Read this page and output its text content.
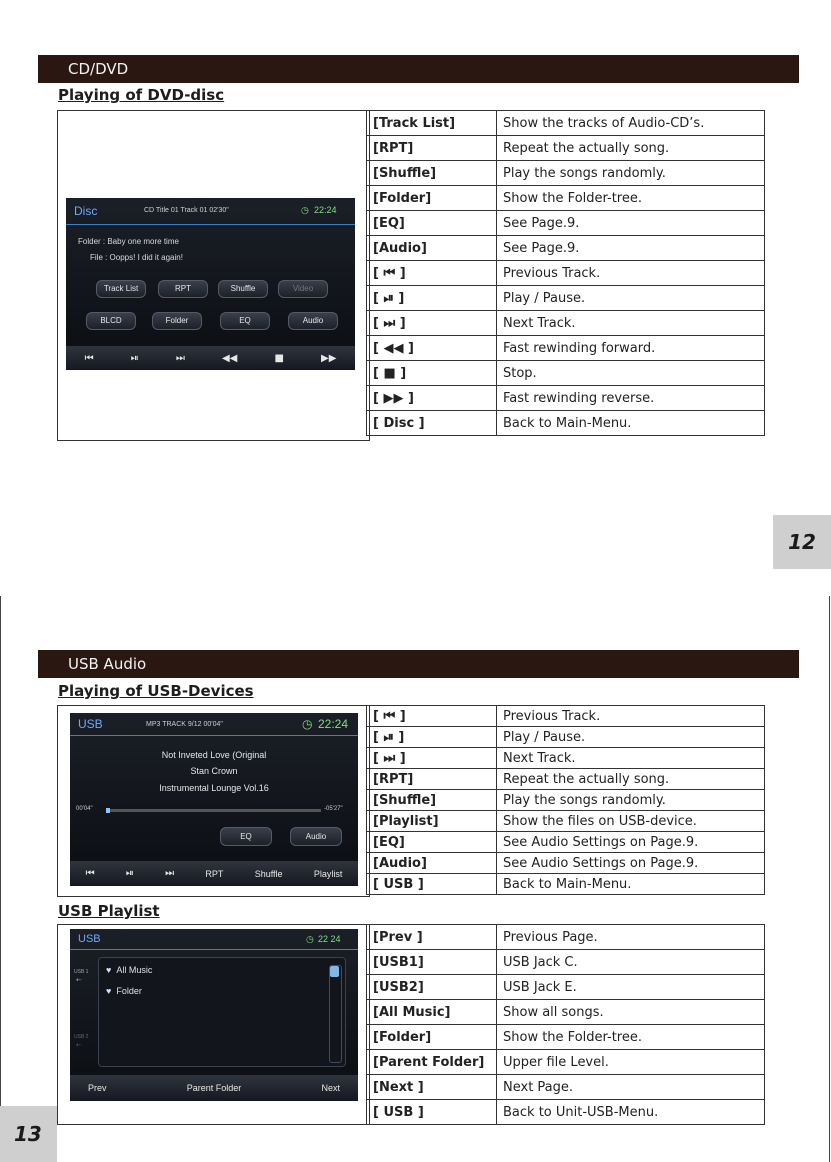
CD/DVD
Playing of DVD-disc
Disc	CD Title 01 Track 01 02'30"	◷ 22:24
Folder : Baby one more time
File : Oopps! I did it again!
Track List	RPT	Shuffle	Video
BLCD	Folder	EQ	Audio
⏮	⏯	⏭	◀◀	■	▶▶
[Track List]	Show the tracks of Audio-CD’s.
[RPT]	Repeat the actually song.
[Shuffle]	Play the songs randomly.
[Folder]	Show the Folder-tree.
[EQ]	See Page.9.
[Audio]	See Page.9.
[ ⏮ ]	Previous Track.
[ ⏯ ]	Play / Pause.
[ ⏭ ]	Next Track.
[ ◀◀ ]	Fast rewinding forward.
[ ■ ]	Stop.
[ ▶▶ ]	Fast rewinding reverse.
[ Disc ]	Back to Main-Menu.
12
USB Audio
Playing of USB-Devices
USB	MP3 TRACK 9/12 00'04"	◷ 22:24
Not Inveted Love (Original
Stan Crown
Instrumental Lounge Vol.16
00'04"	-05'27"
EQ	Audio
⏮	⏯	⏭	RPT	Shuffle	Playlist
[ ⏮ ]	Previous Track.
[ ⏯ ]	Play / Pause.
[ ⏭ ]	Next Track.
[RPT]	Repeat the actually song.
[Shuffle]	Play the songs randomly.
[Playlist]	Show the files on USB-device.
[EQ]	See Audio Settings on Page.9.
[Audio]	See Audio Settings on Page.9.
[ USB ]	Back to Main-Menu.
USB Playlist
USB	◷ 22 24
USB 1
⇠
USB 2
⇠
♥ All Music
♥ Folder
Prev	Parent Folder	Next
[Prev ]	Previous Page.
[USB1]	USB Jack C.
[USB2]	USB Jack E.
[All Music]	Show all songs.
[Folder]	Show the Folder-tree.
[Parent Folder]	Upper file Level.
[Next ]	Next Page.
[ USB ]	Back to Unit-USB-Menu.
13
